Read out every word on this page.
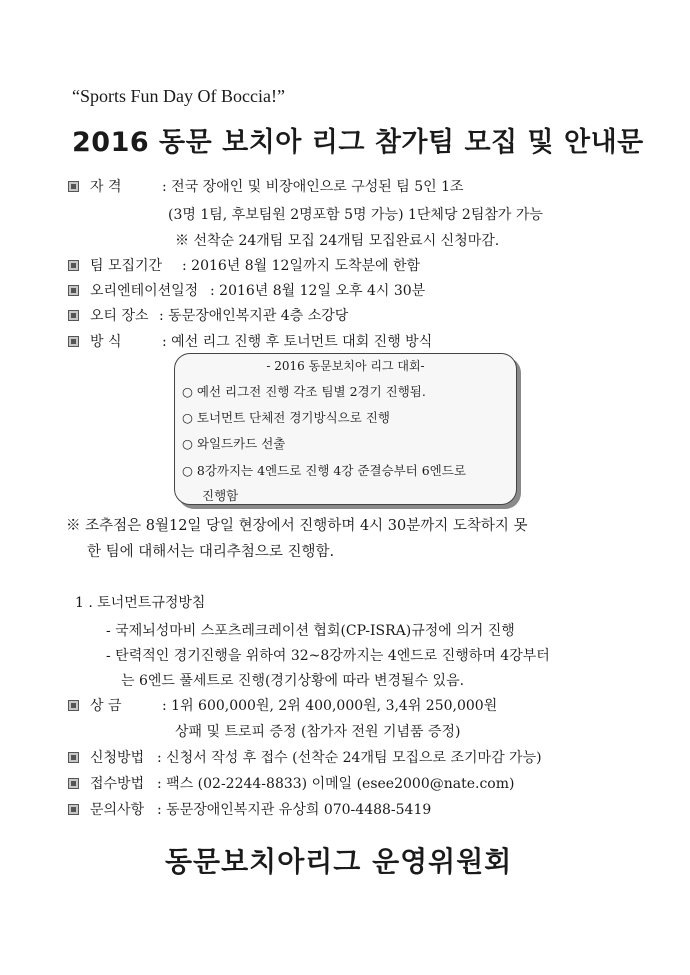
“Sports Fun Day Of Boccia!”
2016 동문 보치아 리그 참가팀 모집 및 안내문
자 격	: 전국 장애인 및 비장애인으로 구성된 팀 5인 1조
(3명 1팀, 후보팀원 2명포함 5명 가능) 1단체당 2팀참가 가능
※ 선착순 24개팀 모집 24개팀 모집완료시 신청마감.
팀 모집기간 : 2016년 8월 12일까지 도착분에 한함
오리엔테이션일정 : 2016년 8월 12일 오후 4시 30분
오티 장소 : 동문장애인복지관 4층 소강당
방 식	: 예선 리그 진행 후 토너먼트 대회 진행 방식
- 2016 동문보치아 리그 대회-
○ 예선 리그전 진행 각조 팀별 2경기 진행됨.
○ 토너먼트 단체전 경기방식으로 진행
○ 와일드카드 선출
○ 8강까지는 4엔드로 진행 4강 준결승부터 6엔드로
진행함
※ 조추점은 8월12일 당일 현장에서 진행하며 4시 30분까지 도착하지 못
한 팀에 대해서는 대리추첨으로 진행함.
1 . 토너먼트규정방침
- 국제뇌성마비 스포츠레크레이션 협회(CP-ISRA)규정에 의거 진행
- 탄력적인 경기진행을 위하여 32~8강까지는 4엔드로 진행하며 4강부터
는 6엔드 풀세트로 진행(경기상황에 따라 변경될수 있음.
상 금	: 1위 600,000원, 2위 400,000원, 3,4위 250,000원
상패 및 트로피 증정 (참가자 전원 기념품 증정)
신청방법 : 신청서 작성 후 접수 (선착순 24개팀 모집으로 조기마감 가능)
접수방법 : 팩스 (02-2244-8833) 이메일 (esee2000@nate.com)
문의사항 : 동문장애인복지관 유상희 070-4488-5419
동문보치아리그 운영위원회
